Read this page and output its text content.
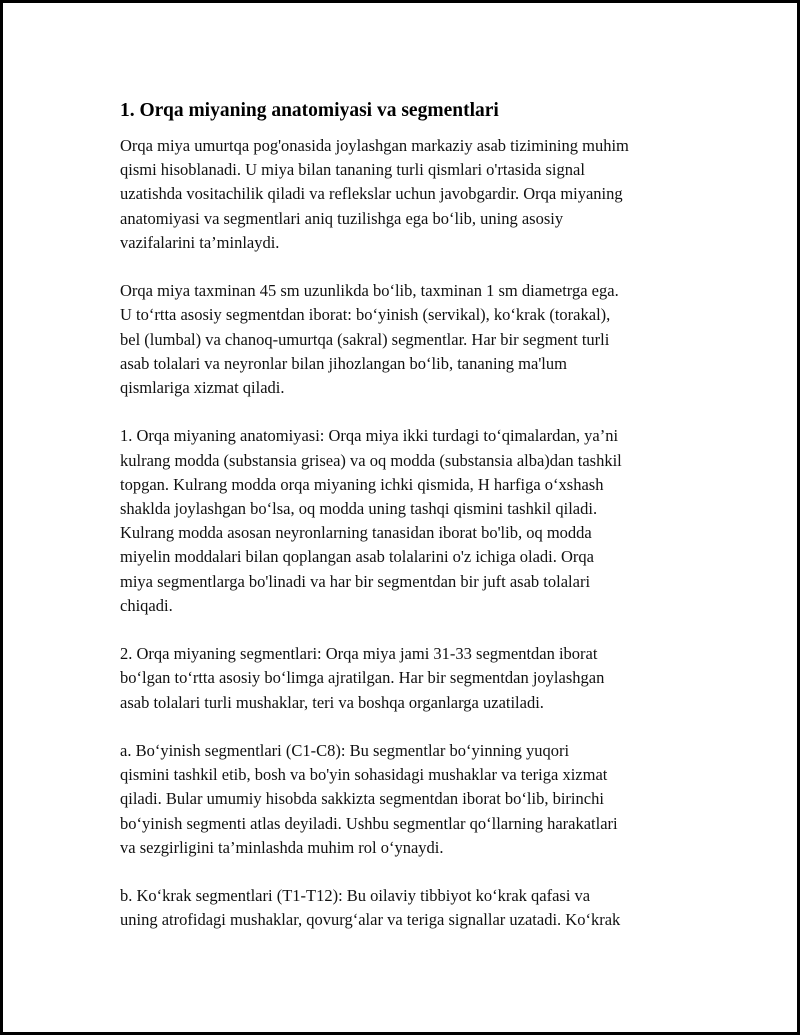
1. Orqa miyaning anatomiyasi va segmentlari

Orqa miya umurtqa pog'onasida joylashgan markaziy asab tizimining muhim
qismi hisoblanadi. U miya bilan tananing turli qismlari o'rtasida signal
uzatishda vositachilik qiladi va reflekslar uchun javobgardir. Orqa miyaning
anatomiyasi va segmentlari aniq tuzilishga ega bo‘lib, uning asosiy
vazifalarini ta’minlaydi.

Orqa miya taxminan 45 sm uzunlikda bo‘lib, taxminan 1 sm diametrga ega.
U to‘rtta asosiy segmentdan iborat: bo‘yinish (servikal), ko‘krak (torakal),
bel (lumbal) va chanoq-umurtqa (sakral) segmentlar. Har bir segment turli
asab tolalari va neyronlar bilan jihozlangan bo‘lib, tananing ma'lum
qismlariga xizmat qiladi.

1. Orqa miyaning anatomiyasi: Orqa miya ikki turdagi to‘qimalardan, ya’ni
kulrang modda (substansia grisea) va oq modda (substansia alba)dan tashkil
topgan. Kulrang modda orqa miyaning ichki qismida, H harfiga o‘xshash
shaklda joylashgan bo‘lsa, oq modda uning tashqi qismini tashkil qiladi.
Kulrang modda asosan neyronlarning tanasidan iborat bo'lib, oq modda
miyelin moddalari bilan qoplangan asab tolalarini o'z ichiga oladi. Orqa
miya segmentlarga bo'linadi va har bir segmentdan bir juft asab tolalari
chiqadi.

2. Orqa miyaning segmentlari: Orqa miya jami 31-33 segmentdan iborat
bo‘lgan to‘rtta asosiy bo‘limga ajratilgan. Har bir segmentdan joylashgan
asab tolalari turli mushaklar, teri va boshqa organlarga uzatiladi.

a. Bo‘yinish segmentlari (C1-C8): Bu segmentlar bo‘yinning yuqori
qismini tashkil etib, bosh va bo'yin sohasidagi mushaklar va teriga xizmat
qiladi. Bular umumiy hisobda sakkizta segmentdan iborat bo‘lib, birinchi
bo‘yinish segmenti atlas deyiladi. Ushbu segmentlar qo‘llarning harakatlari
va sezgirligini ta’minlashda muhim rol o‘ynaydi.

b. Ko‘krak segmentlari (T1-T12): Bu oilaviy tibbiyot ko‘krak qafasi va
uning atrofidagi mushaklar, qovurg‘alar va teriga signallar uzatadi. Ko‘krak
